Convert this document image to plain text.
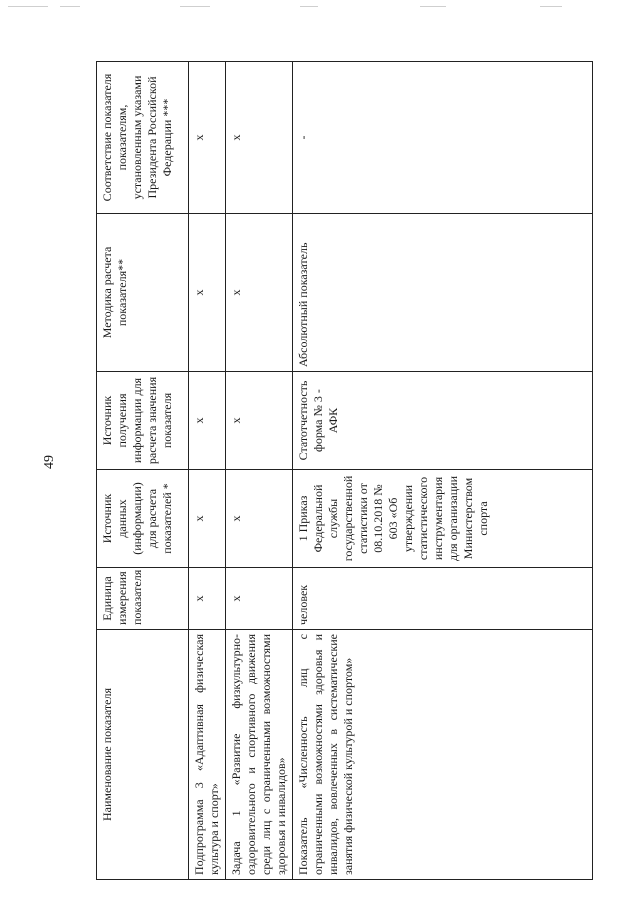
49
Наименование показателя	Единица измерения показателя	Источник данных (информации) для расчета показателей *	Источник получения информации для расчета значения показателя	Методика расчета показателя**	Соответствие показателя показателям, установленным указами Президента Российской Федерации ***
Подпрограмма 3 «Адаптивная физическая культура и спорт»	х	х	х	х	х
Задача 1 «Развитие физкультурно-оздоровительного и спортивного движения среди лиц с ограниченными возможностями здоровья и инвалидов»	х	х	х	х	х
Показатель «Численность лиц с ограниченными возможностями здоровья и инвалидов, вовлеченных в систематические занятия физической культурой и спортом»	человек	1 Приказ Федеральной службы государственной статистики от 08.10.2018 № 603 «Об утверждении статистического инструментария для организации Министерством спорта	Статотчетность форма № 3 - АФК	Абсолютный показатель	-
